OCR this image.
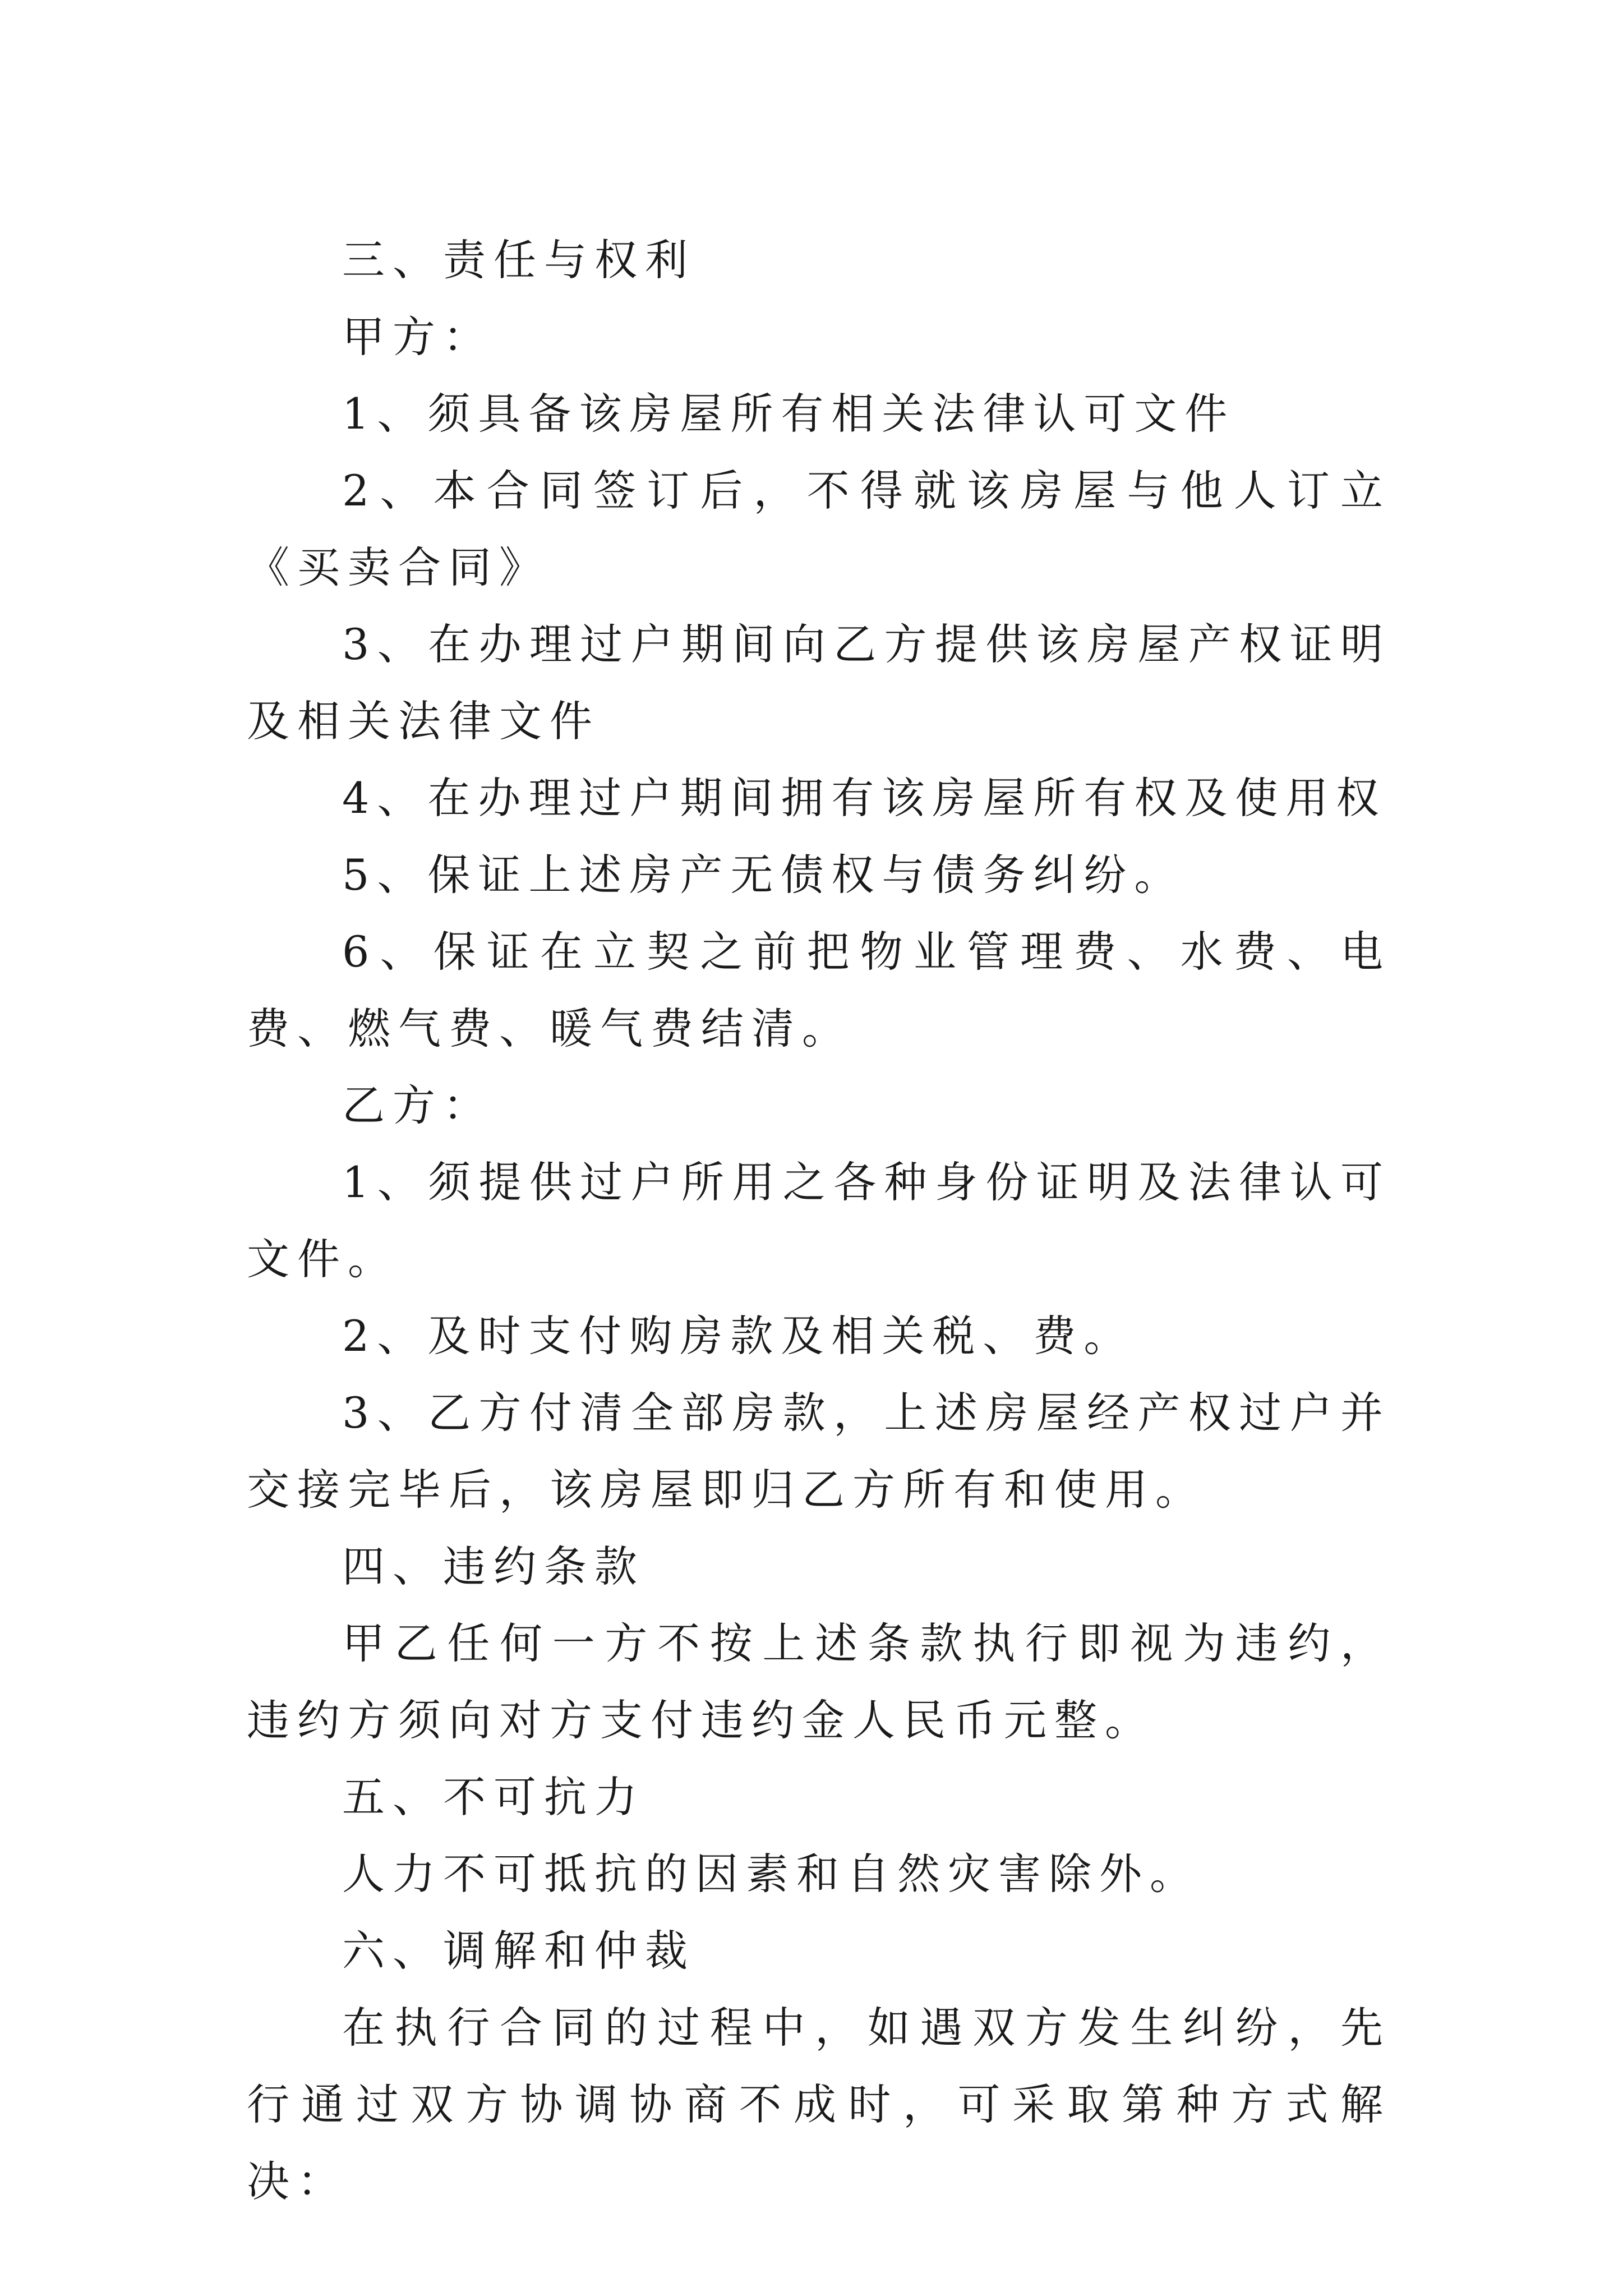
三、责任与权利

甲方：

1、须具备该房屋所有相关法律认可文件

2、本合同签订后，不得就该房屋与他人订立《买卖合同》

3、在办理过户期间向乙方提供该房屋产权证明及相关法律文件

4、在办理过户期间拥有该房屋所有权及使用权

5、保证上述房产无债权与债务纠纷。

6、保证在立契之前把物业管理费、水费、电费、燃气费、暖气费结清。

乙方：

1、须提供过户所用之各种身份证明及法律认可文件。

2、及时支付购房款及相关税、费。

3、乙方付清全部房款，上述房屋经产权过户并交接完毕后，该房屋即归乙方所有和使用。

四、违约条款

甲乙任何一方不按上述条款执行即视为违约，违约方须向对方支付违约金人民币元整。

五、不可抗力

人力不可抵抗的因素和自然灾害除外。

六、调解和仲裁

在执行合同的过程中，如遇双方发生纠纷，先行通过双方协调协商不成时，可采取第种方式解决：
